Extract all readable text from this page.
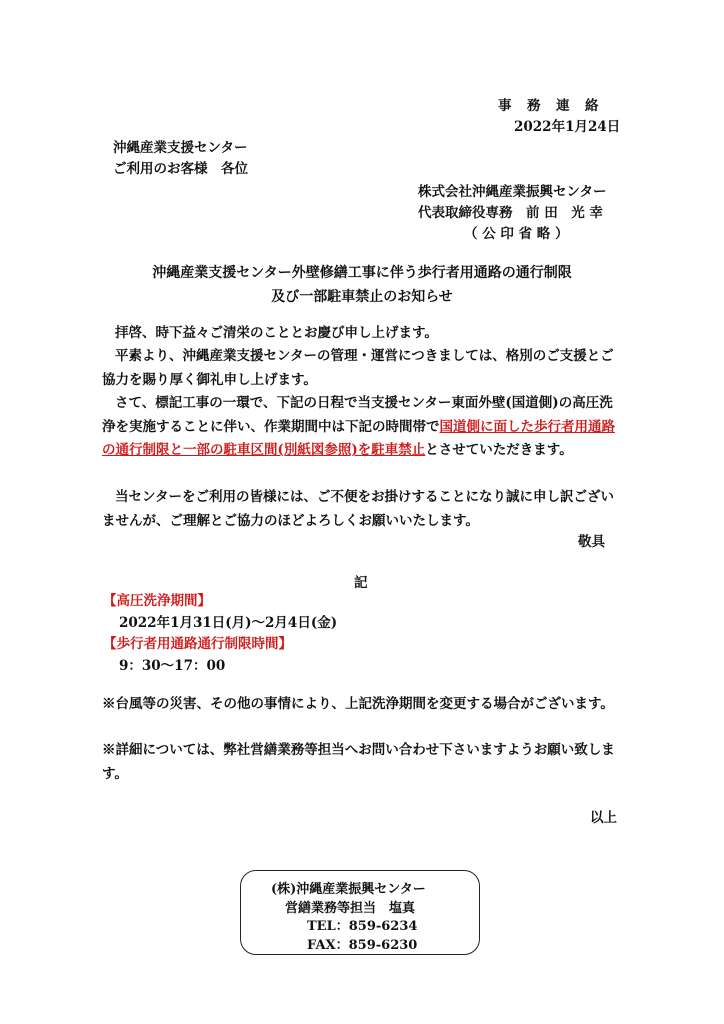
事　務　連　絡
2022年1月24日
沖縄産業支援センター
ご利用のお客様　各位
株式会社沖縄産業振興センター
代表取締役専務　前 田　光 幸
（ 公 印 省 略 ）
沖縄産業支援センター外壁修繕工事に伴う歩行者用通路の通行制限
及び一部駐車禁止のお知らせ
拝啓、時下益々ご清栄のこととお慶び申し上げます。
平素より、沖縄産業支援センターの管理・運営につきましては、格別のご支援とご協力を賜り厚く御礼申し上げます。
さて、標記工事の一環で、下記の日程で当支援センター東面外壁(国道側)の高圧洗浄を実施することに伴い、作業期間中は下記の時間帯で国道側に面した歩行者用通路の通行制限と一部の駐車区間(別紙図参照)を駐車禁止とさせていただきます。
当センターをご利用の皆様には、ご不便をお掛けすることになり誠に申し訳ございませんが、ご理解とご協力のほどよろしくお願いいたします。
敬具
記
【高圧洗浄期間】
2022年1月31日(月)～2月4日(金)
【歩行者用通路通行制限時間】
9：30～17：00
※台風等の災害、その他の事情により、上記洗浄期間を変更する場合がございます。
※詳細については、弊社営繕業務等担当へお問い合わせ下さいますようお願い致します。
以上
(株)沖縄産業振興センター
営繕業務等担当　塩真
TEL：859-6234
FAX：859-6230
